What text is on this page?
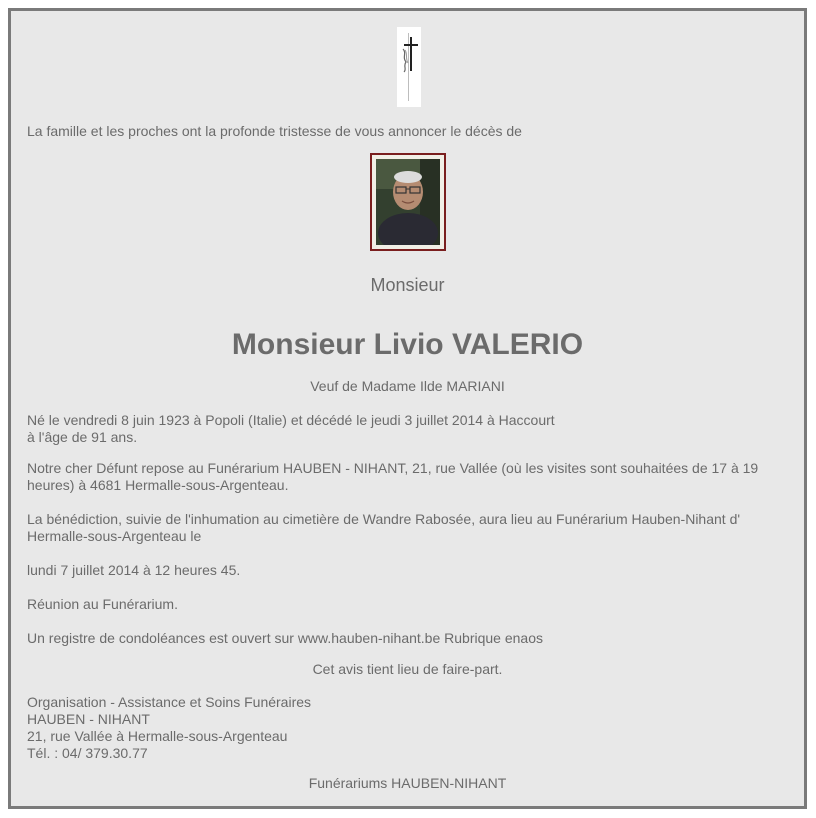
La famille et les proches ont la profonde tristesse de vous annoncer le décès de
Monsieur
Monsieur Livio VALERIO
Veuf de Madame Ilde MARIANI
Né le vendredi 8 juin 1923 à Popoli (Italie) et décédé le jeudi 3 juillet 2014 à Haccourt
à l'âge de 91 ans.
Notre cher Défunt repose au Funérarium HAUBEN - NIHANT, 21, rue Vallée (où les visites sont souhaitées de 17 à 19 heures) à 4681 Hermalle-sous-Argenteau.
La bénédiction, suivie de l'inhumation au cimetière de Wandre Rabosée, aura lieu au Funérarium Hauben-Nihant d' Hermalle-sous-Argenteau le
lundi 7 juillet 2014 à 12 heures 45.
Réunion au Funérarium.
Un registre de condoléances est ouvert sur www.hauben-nihant.be Rubrique enaos
Cet avis tient lieu de faire-part.
Organisation - Assistance et Soins Funéraires
HAUBEN - NIHANT
21, rue Vallée à Hermalle-sous-Argenteau
Tél. : 04/ 379.30.77
Funérariums HAUBEN-NIHANT
